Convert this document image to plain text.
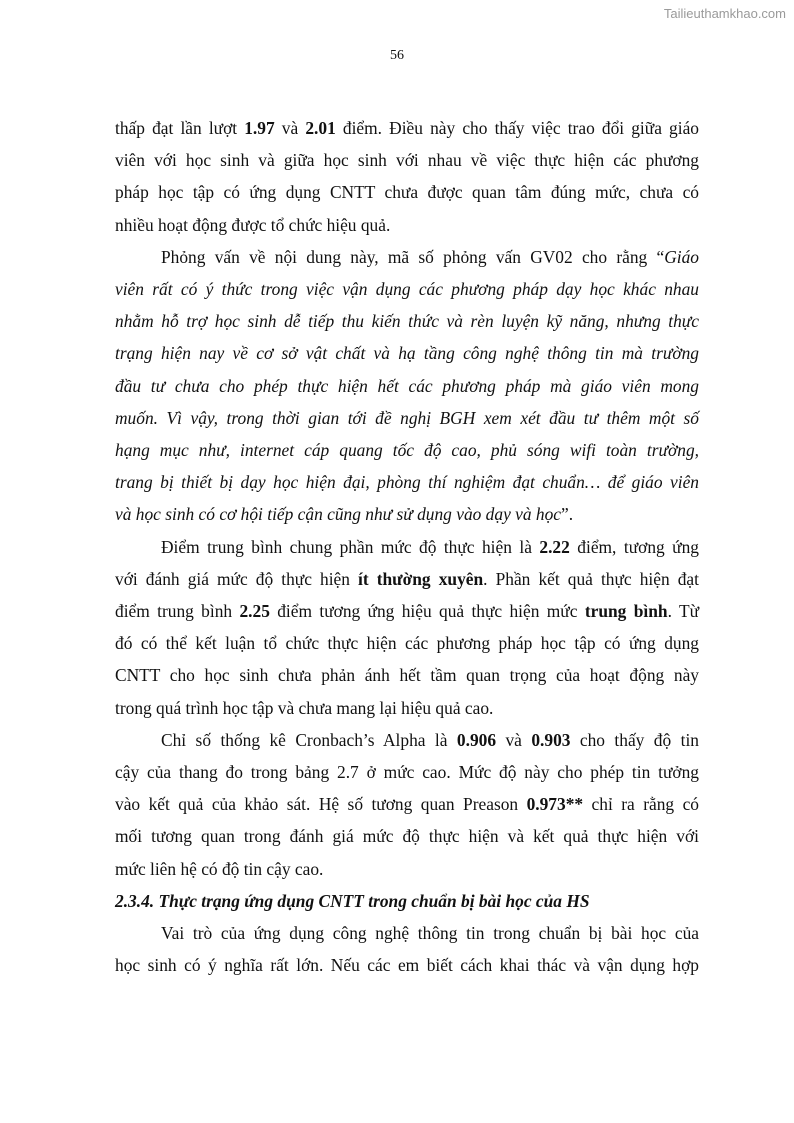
Tailieuthamkhao.com
56
thấp đạt lần lượt 1.97 và 2.01 điểm. Điều này cho thấy việc trao đổi giữa giáo
viên với học sinh và giữa học sinh với nhau về việc thực hiện các phương
pháp học tập có ứng dụng CNTT chưa được quan tâm đúng mức, chưa có
nhiều hoạt động được tổ chức hiệu quả.
Phỏng vấn về nội dung này, mã số phỏng vấn GV02 cho rằng “Giáo
viên rất có ý thức trong việc vận dụng các phương pháp dạy học khác nhau
nhằm hỗ trợ học sinh dễ tiếp thu kiến thức và rèn luyện kỹ năng, nhưng thực
trạng hiện nay về cơ sở vật chất và hạ tầng công nghệ thông tin mà trường
đầu tư chưa cho phép thực hiện hết các phương pháp mà giáo viên mong
muốn. Vì vậy, trong thời gian tới đề nghị BGH xem xét đầu tư thêm một số
hạng mục như, internet cáp quang tốc độ cao, phủ sóng wifi toàn trường,
trang bị thiết bị dạy học hiện đại, phòng thí nghiệm đạt chuẩn… để giáo viên
và học sinh có cơ hội tiếp cận cũng như sử dụng vào dạy và học”.
Điểm trung bình chung phần mức độ thực hiện là 2.22 điểm, tương ứng
với đánh giá mức độ thực hiện ít thường xuyên. Phần kết quả thực hiện đạt
điểm trung bình 2.25 điểm tương ứng hiệu quả thực hiện mức trung bình. Từ
đó có thể kết luận tổ chức thực hiện các phương pháp học tập có ứng dụng
CNTT cho học sinh chưa phản ánh hết tầm quan trọng của hoạt động này
trong quá trình học tập và chưa mang lại hiệu quả cao.
Chỉ số thống kê Cronbach’s Alpha là 0.906 và 0.903 cho thấy độ tin
cậy của thang đo trong bảng 2.7 ở mức cao. Mức độ này cho phép tin tưởng
vào kết quả của khảo sát. Hệ số tương quan Preason 0.973** chỉ ra rằng có
mối tương quan trong đánh giá mức độ thực hiện và kết quả thực hiện với
mức liên hệ có độ tin cậy cao.
2.3.4. Thực trạng ứng dụng CNTT trong chuẩn bị bài học của HS
Vai trò của ứng dụng công nghệ thông tin trong chuẩn bị bài học của
học sinh có ý nghĩa rất lớn. Nếu các em biết cách khai thác và vận dụng hợp
